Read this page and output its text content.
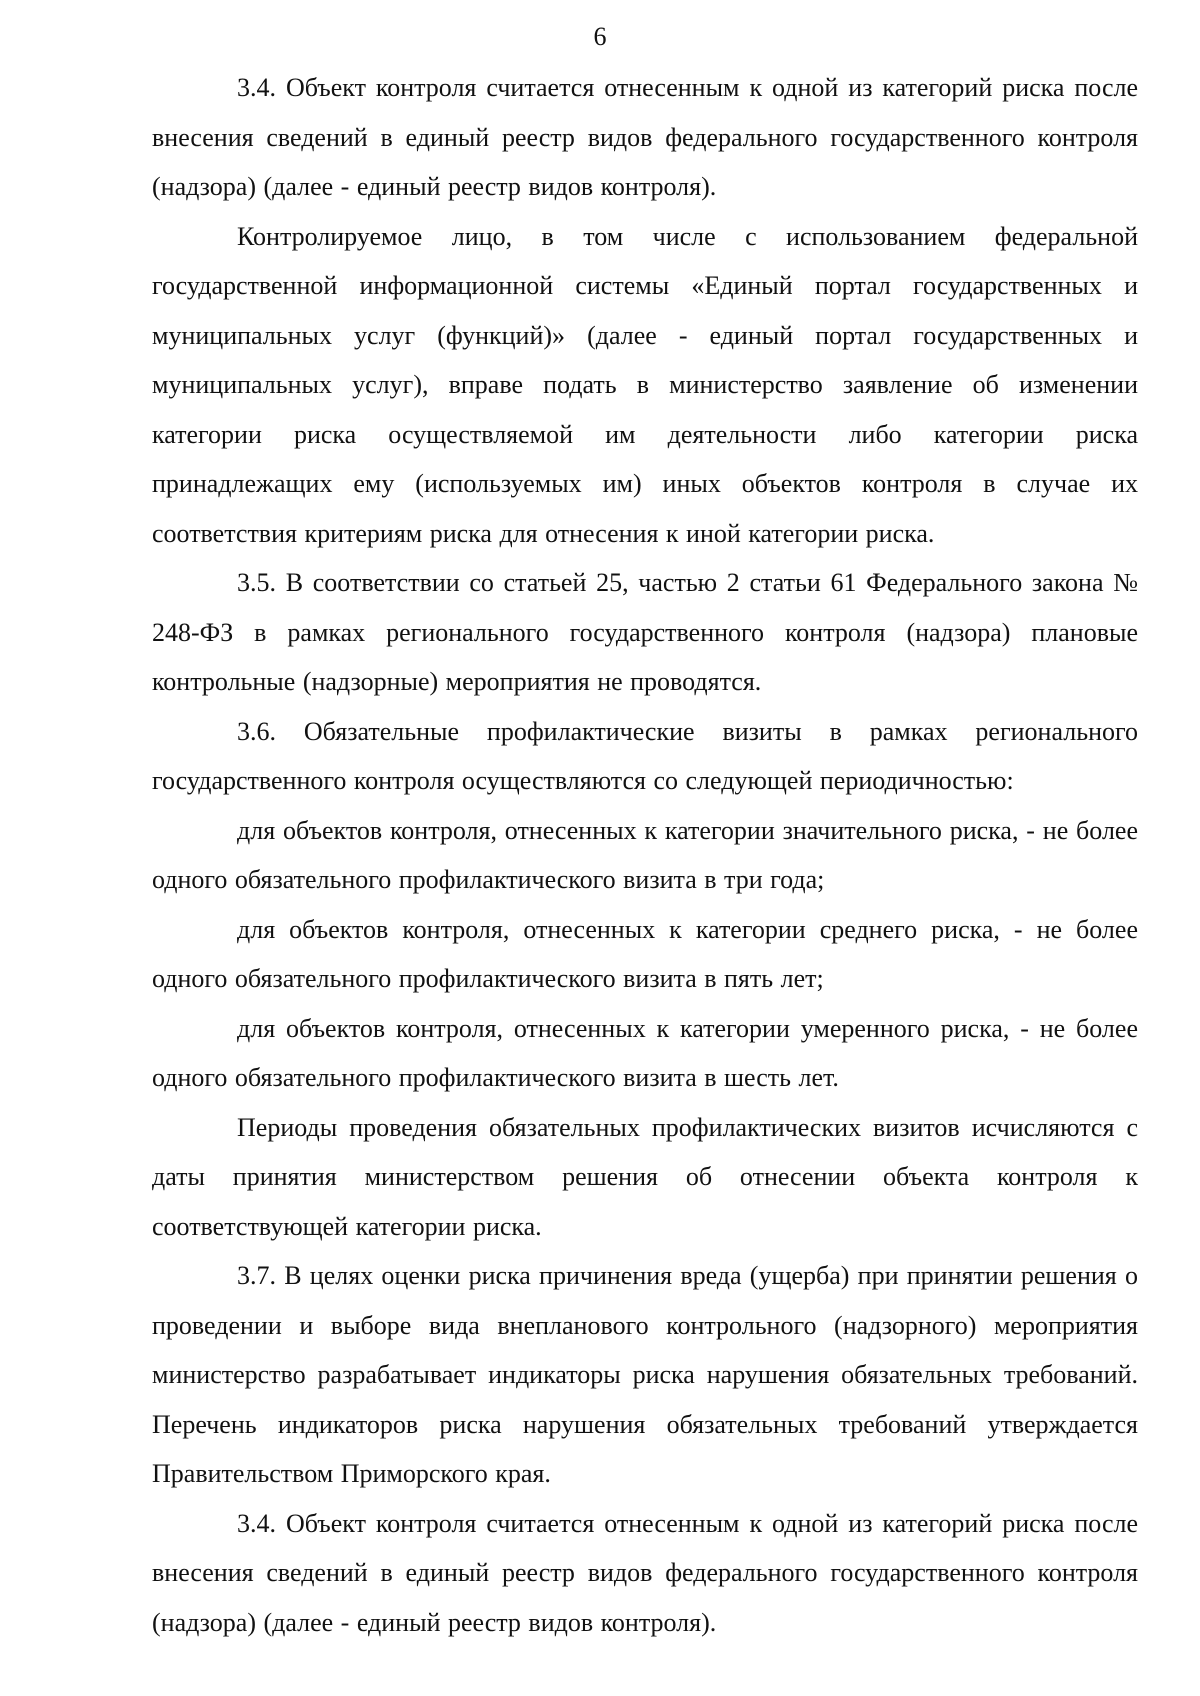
6

3.4. Объект контроля считается отнесенным к одной из категорий риска после внесения сведений в единый реестр видов федерального государственного контроля (надзора) (далее - единый реестр видов контроля).

Контролируемое лицо, в том числе с использованием федеральной государственной информационной системы «Единый портал государственных и муниципальных услуг (функций)» (далее - единый портал государственных и муниципальных услуг), вправе подать в министерство заявление об изменении категории риска осуществляемой им деятельности либо категории риска принадлежащих ему (используемых им) иных объектов контроля в случае их соответствия критериям риска для отнесения к иной категории риска.

3.5. В соответствии со статьей 25, частью 2 статьи 61 Федерального закона № 248-ФЗ в рамках регионального государственного контроля (надзора) плановые контрольные (надзорные) мероприятия не проводятся.

3.6. Обязательные профилактические визиты в рамках регионального государственного контроля осуществляются со следующей периодичностью:

для объектов контроля, отнесенных к категории значительного риска, - не более одного обязательного профилактического визита в три года;

для объектов контроля, отнесенных к категории среднего риска, - не более одного обязательного профилактического визита в пять лет;

для объектов контроля, отнесенных к категории умеренного риска, - не более одного обязательного профилактического визита в шесть лет.

Периоды проведения обязательных профилактических визитов исчисляются с даты принятия министерством решения об отнесении объекта контроля к соответствующей категории риска.

3.7. В целях оценки риска причинения вреда (ущерба) при принятии решения о проведении и выборе вида внепланового контрольного (надзорного) мероприятия министерство разрабатывает индикаторы риска нарушения обязательных требований. Перечень индикаторов риска нарушения обязательных требований утверждается Правительством Приморского края.

3.4. Объект контроля считается отнесенным к одной из категорий риска после внесения сведений в единый реестр видов федерального государственного контроля (надзора) (далее - единый реестр видов контроля).
